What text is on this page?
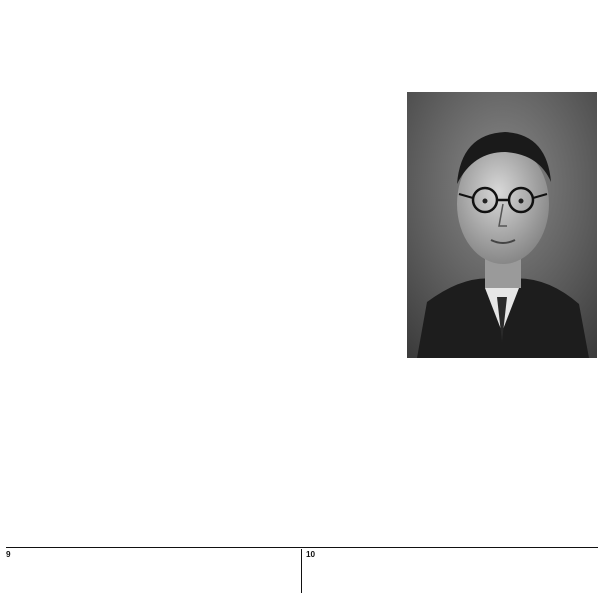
9	10
